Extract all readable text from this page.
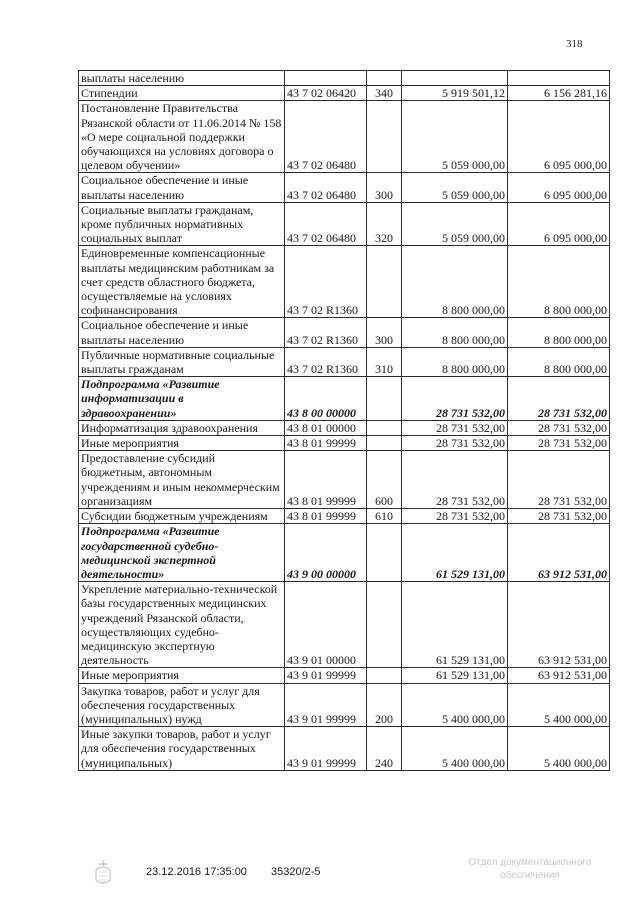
318
выплаты населению				
Стипендии	43 7 02 06420	340	5 919 501,12	6 156 281,16
Постановление Правительства Рязанской области от 11.06.2014 № 158 «О мере социальной поддержки обучающихся на условиях договора о целевом обучении»	43 7 02 06480		5 059 000,00	6 095 000,00
Социальное обеспечение и иные выплаты населению	43 7 02 06480	300	5 059 000,00	6 095 000,00
Социальные выплаты гражданам, кроме публичных нормативных социальных выплат	43 7 02 06480	320	5 059 000,00	6 095 000,00
Единовременные компенсационные выплаты медицинским работникам за счет средств областного бюджета, осуществляемые на условиях софинансирования	43 7 02 R1360		8 800 000,00	8 800 000,00
Социальное обеспечение и иные выплаты населению	43 7 02 R1360	300	8 800 000,00	8 800 000,00
Публичные нормативные социальные выплаты гражданам	43 7 02 R1360	310	8 800 000,00	8 800 000,00
Подпрограмма «Развитие информатизации в здравоохранении»	43 8 00 00000		28 731 532,00	28 731 532,00
Информатизация здравоохранения	43 8 01 00000		28 731 532,00	28 731 532,00
Иные мероприятия	43 8 01 99999		28 731 532,00	28 731 532,00
Предоставление субсидий бюджетным, автономным учреждениям и иным некоммерческим организациям	43 8 01 99999	600	28 731 532,00	28 731 532,00
Субсидии бюджетным учреждениям	43 8 01 99999	610	28 731 532,00	28 731 532,00
Подпрограмма «Развитие государственной судебно-медицинской экспертной деятельности»	43 9 00 00000		61 529 131,00	63 912 531,00
Укрепление материально-технической базы государственных медицинских учреждений Рязанской области, осуществляющих судебно-медицинскую экспертную деятельность	43 9 01 00000		61 529 131,00	63 912 531,00
Иные мероприятия	43 9 01 99999		61 529 131,00	63 912 531,00
Закупка товаров, работ и услуг для обеспечения государственных (муниципальных) нужд	43 9 01 99999	200	5 400 000,00	5 400 000,00
Иные закупки товаров, работ и услуг для обеспечения государственных (муниципальных)	43 9 01 99999	240	5 400 000,00	5 400 000,00
23.12.2016 17:35:00 35320/2-5
Отдел документационного
обеспечения
